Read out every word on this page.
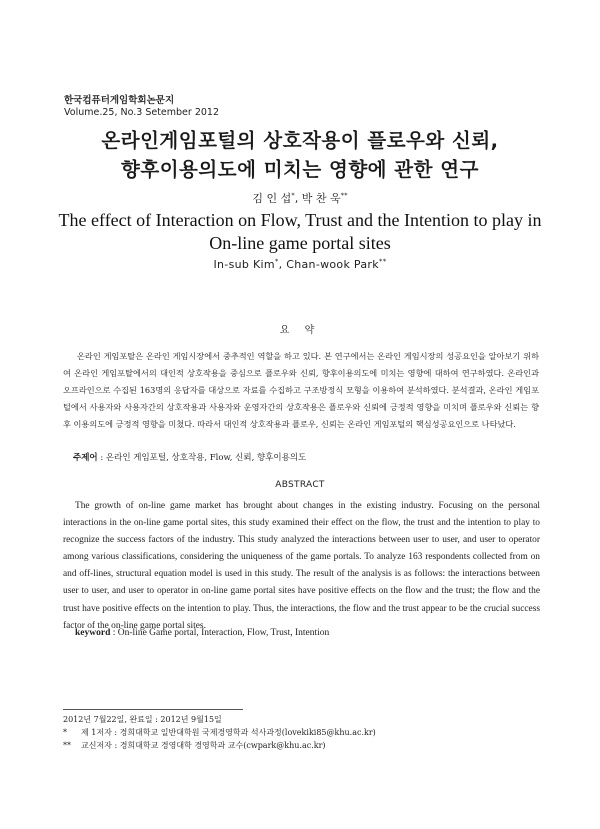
한국컴퓨터게임학회논문지
Volume.25, No.3 Setember 2012
온라인게임포털의 상호작용이 플로우와 신뢰,
향후이용의도에 미치는 영향에 관한 연구
김 인 섭*, 박 찬 욱**
The effect of Interaction on Flow, Trust and the Intention to play in
On-line game portal sites
In-sub Kim*, Chan-wook Park**
요 약
온라인 게임포탈은 온라인 게임시장에서 중추적인 역할을 하고 있다. 본 연구에서는 온라인 게임시장의 성공요인을 알아보기 위하여 온라인 게임포탈에서의 대인적 상호작용을 중심으로 플로우와 신뢰, 향후이용의도에 미치는 영향에 대하여 연구하였다. 온라인과 오프라인으로 수집된 163명의 응답자를 대상으로 자료를 수집하고 구조방정식 모형을 이용하여 분석하였다. 분석결과, 온라인 게임포털에서 사용자와 사용자간의 상호작용과 사용자와 운영자간의 상호작용은 플로우와 신뢰에 긍정적 영향을 미치며 플로우와 신뢰는 향후 이용의도에 긍정적 영향을 미쳤다. 따라서 대인적 상호작용과 플로우, 신뢰는 온라인 게임포털의 핵심성공요인으로 나타났다.
주제어 : 온라인 게임포털, 상호작용, Flow, 신뢰, 향후이용의도
ABSTRACT
The growth of on-line game market has brought about changes in the existing industry. Focusing on the personal interactions in the on-line game portal sites, this study examined their effect on the flow, the trust and the intention to play to recognize the success factors of the industry. This study analyzed the interactions between user to user, and user to operator among various classifications, considering the uniqueness of the game portals. To analyze 163 respondents collected from on and off-lines, structural equation model is used in this study. The result of the analysis is as follows: the interactions between user to user, and user to operator in on-line game portal sites have positive effects on the flow and the trust; the flow and the trust have positive effects on the intention to play. Thus, the interactions, the flow and the trust appear to be the crucial success factor of the on-line game portal sites.
keyword : On-line Game portal, Interaction, Flow, Trust, Intention
2012년 7월22일, 완료일 : 2012년 9월15일
* 제 1저자 : 경희대학교 일반대학원 국제경영학과 석사과정(lovekiki85@khu.ac.kr)
** 교신저자 : 경희대학교 경영대학 경영학과 교수(cwpark@khu.ac.kr)
